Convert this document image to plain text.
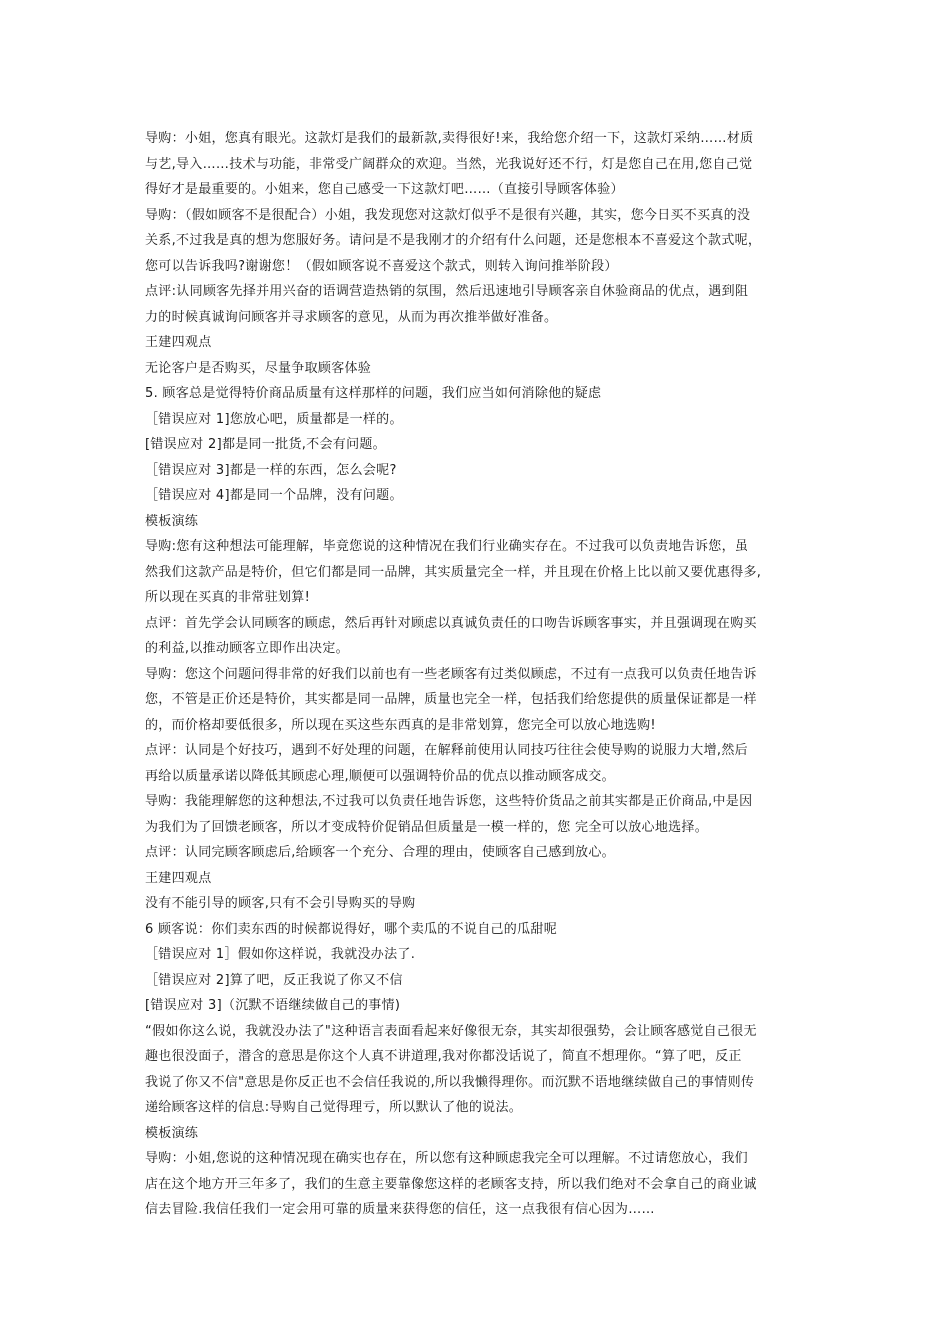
导购：小姐，您真有眼光。这款灯是我们的最新款,卖得很好!来，我给您介绍一下，这款灯采纳……材质
与艺,导入……技术与功能，非常受广阔群众的欢迎。当然，光我说好还不行，灯是您自己在用,您自己觉
得好才是最重要的。小姐来，您自己感受一下这款灯吧……（直接引导顾客体验）
导购：（假如顾客不是很配合）小姐，我发现您对这款灯似乎不是很有兴趣，其实，您今日买不买真的没
关系,不过我是真的想为您服好务。请问是不是我刚才的介绍有什么问题，还是您根本不喜爱这个款式呢，
您可以告诉我吗?谢谢您！（假如顾客说不喜爱这个款式，则转入询问推举阶段）
点评:认同顾客先择并用兴奋的语调营造热销的氛围，然后迅速地引导顾客亲自休验商品的优点，遇到阻
力的时候真诚询问顾客并寻求顾客的意见，从而为再次推举做好准备。
王建四观点
无论客户是否购买，尽量争取顾客体验
5. 顾客总是觉得特价商品质量有这样那样的问题，我们应当如何消除他的疑虑
［错误应对 1]您放心吧，质量都是一样的。
[错误应对 2]都是同一批货,不会有问题。
［错误应对 3]都是一样的东西，怎么会呢?
［错误应对 4]都是同一个品牌，没有问题。
模板演练
导购:您有这种想法可能理解，毕竟您说的这种情况在我们行业确实存在。不过我可以负责地告诉您，虽
然我们这款产品是特价，但它们都是同一品牌，其实质量完全一样，并且现在价格上比以前又要优惠得多,
所以现在买真的非常驻划算!
点评：首先学会认同顾客的顾虑，然后再针对顾虑以真诚负责任的口吻告诉顾客事实，并且强调现在购买
的利益,以推动顾客立即作出决定。
导购：您这个问题问得非常的好我们以前也有一些老顾客有过类似顾虑，不过有一点我可以负责任地告诉
您，不管是正价还是特价，其实都是同一品牌，质量也完全一样，包括我们给您提供的质量保证都是一样
的，而价格却要低很多，所以现在买这些东西真的是非常划算，您完全可以放心地选购!
点评：认同是个好技巧，遇到不好处理的问题，在解释前使用认同技巧往往会使导购的说服力大增,然后
再给以质量承诺以降低其顾虑心理,顺便可以强调特价品的优点以推动顾客成交。
导购：我能理解您的这种想法,不过我可以负责任地告诉您，这些特价货品之前其实都是正价商品,中是因
为我们为了回馈老顾客，所以才变成特价促销品但质量是一模一样的，您 完全可以放心地选择。
点评：认同完顾客顾虑后,给顾客一个充分、合理的理由，使顾客自己感到放心。
王建四观点
没有不能引导的顾客,只有不会引导购买的导购
6 顾客说：你们卖东西的时候都说得好，哪个卖瓜的不说自己的瓜甜呢
［错误应对 1］假如你这样说，我就没办法了.
［错误应对 2]算了吧，反正我说了你又不信
[错误应对 3]（沉默不语继续做自己的事情)
“假如你这么说，我就没办法了"这种语言表面看起来好像很无奈，其实却很强势，会让顾客感觉自己很无
趣也很没面子，潜含的意思是你这个人真不讲道理,我对你都没话说了，简直不想理你。“算了吧，反正
我说了你又不信"意思是你反正也不会信任我说的,所以我懒得理你。而沉默不语地继续做自己的事情则传
递给顾客这样的信息:导购自己觉得理亏，所以默认了他的说法。
模板演练
导购：小姐,您说的这种情况现在确实也存在，所以您有这种顾虑我完全可以理解。不过请您放心，我们
店在这个地方开三年多了，我们的生意主要靠像您这样的老顾客支持，所以我们绝对不会拿自己的商业诚
信去冒险.我信任我们一定会用可靠的质量来获得您的信任，这一点我很有信心因为……
